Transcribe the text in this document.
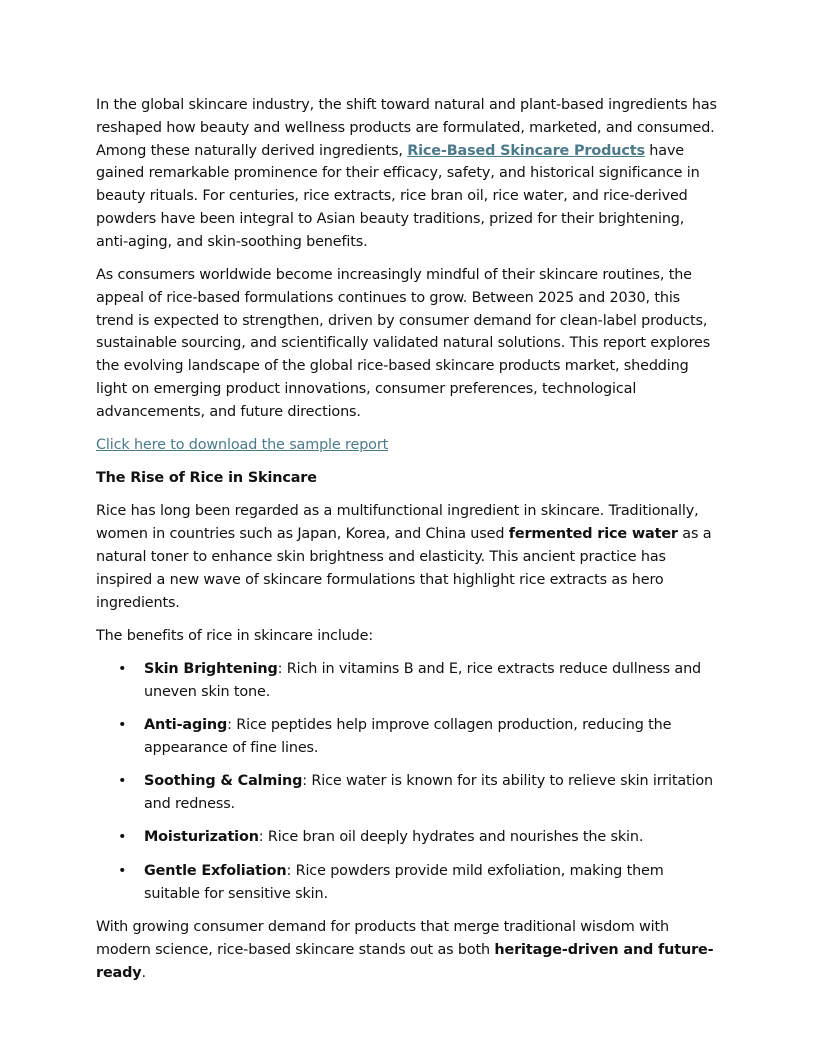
In the global skincare industry, the shift toward natural and plant-based ingredients has reshaped how beauty and wellness products are formulated, marketed, and consumed. Among these naturally derived ingredients, Rice-Based Skincare Products have gained remarkable prominence for their efficacy, safety, and historical significance in beauty rituals. For centuries, rice extracts, rice bran oil, rice water, and rice-derived powders have been integral to Asian beauty traditions, prized for their brightening, anti-aging, and skin-soothing benefits.

As consumers worldwide become increasingly mindful of their skincare routines, the appeal of rice-based formulations continues to grow. Between 2025 and 2030, this trend is expected to strengthen, driven by consumer demand for clean-label products, sustainable sourcing, and scientifically validated natural solutions. This report explores the evolving landscape of the global rice-based skincare products market, shedding light on emerging product innovations, consumer preferences, technological advancements, and future directions.

Click here to download the sample report

The Rise of Rice in Skincare

Rice has long been regarded as a multifunctional ingredient in skincare. Traditionally, women in countries such as Japan, Korea, and China used fermented rice water as a natural toner to enhance skin brightness and elasticity. This ancient practice has inspired a new wave of skincare formulations that highlight rice extracts as hero ingredients.

The benefits of rice in skincare include:

• Skin Brightening: Rich in vitamins B and E, rice extracts reduce dullness and uneven skin tone.
• Anti-aging: Rice peptides help improve collagen production, reducing the appearance of fine lines.
• Soothing & Calming: Rice water is known for its ability to relieve skin irritation and redness.
• Moisturization: Rice bran oil deeply hydrates and nourishes the skin.
• Gentle Exfoliation: Rice powders provide mild exfoliation, making them suitable for sensitive skin.

With growing consumer demand for products that merge traditional wisdom with modern science, rice-based skincare stands out as both heritage-driven and future-ready.
